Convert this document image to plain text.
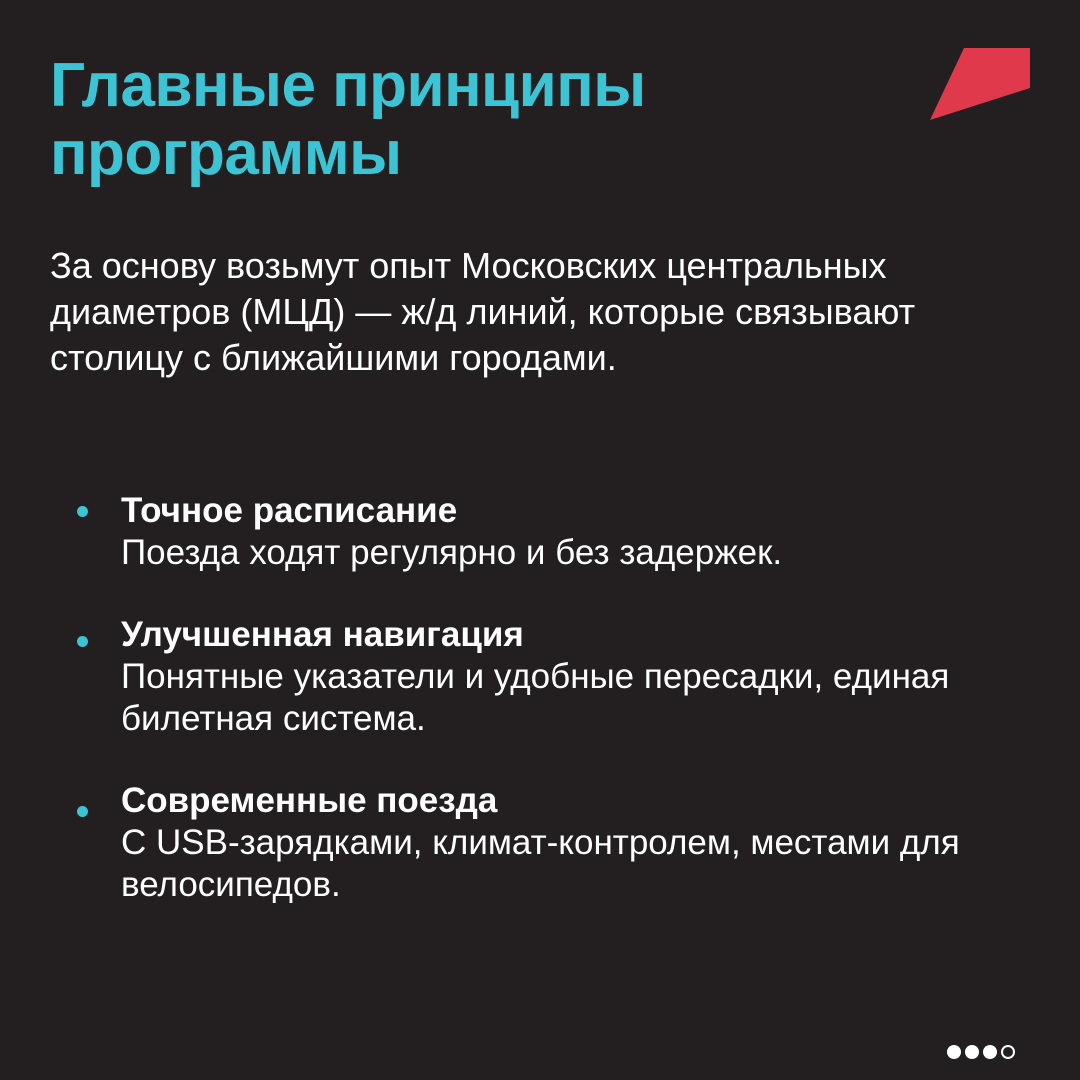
Главные принципы
программы

За основу возьмут опыт Московских центральных диаметров (МЦД) — ж/д линий, которые связывают столицу с ближайшими городами.

Точное расписание
Поезда ходят регулярно и без задержек.
Улучшенная навигация
Понятные указатели и удобные пересадки, единая билетная система.
Современные поезда
С USB-зарядками, климат-контролем, местами для велосипедов.
